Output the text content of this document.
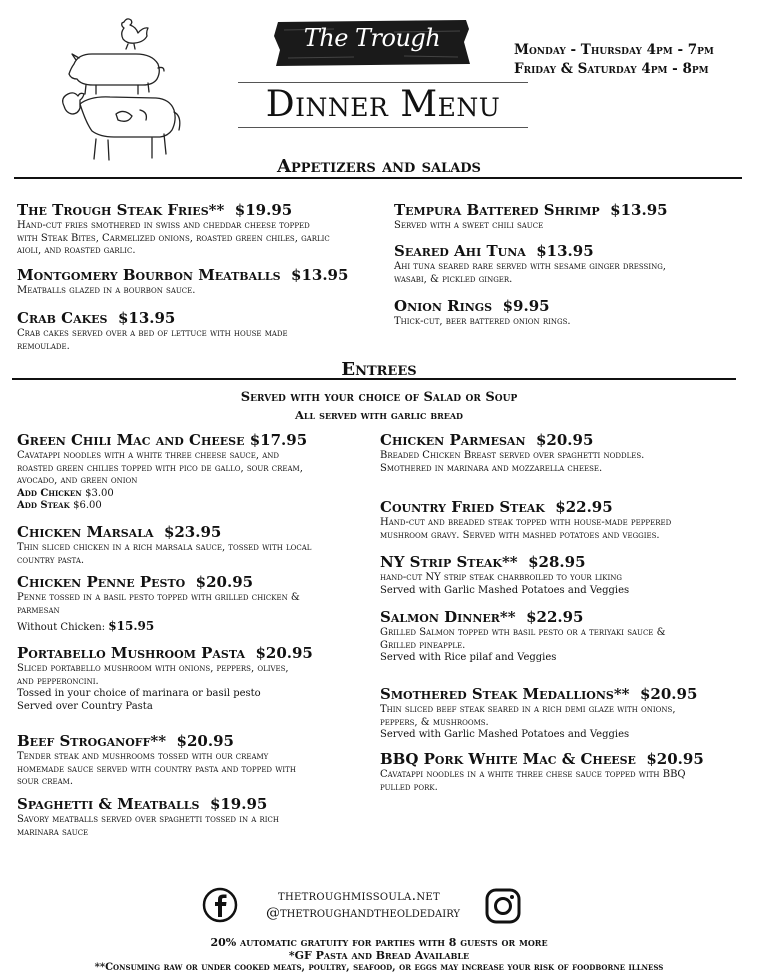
The Trough
Dinner Menu
Monday - Thursday 4pm - 7pm
Friday & Saturday 4pm - 8pm
Appetizers and salads
The Trough Steak Fries** $19.95
Hand-cut fries smothered in swiss and cheddar cheese topped
with Steak Bites, Carmelized onions, roasted green chiles, garlic
aioli, and roasted garlic.
Montgomery Bourbon Meatballs $13.95
Meatballs glazed in a bourbon sauce.
Crab Cakes $13.95
Crab cakes served over a bed of lettuce with house made
remoulade.
Tempura Battered Shrimp $13.95
Served with a sweet chili sauce
Seared Ahi Tuna $13.95
Ahi tuna seared rare served with sesame ginger dressing,
wasabi, & pickled ginger.
Onion Rings $9.95
Thick-cut, beer battered onion rings.
Entrees
Served with your choice of Salad or Soup
All served with garlic bread
Green Chili Mac and Cheese $17.95
Cavatappi noodles with a white three cheese sauce, and
roasted green chilies topped with pico de gallo, sour cream,
avocado, and green onion
Add Chicken $3.00
Add Steak $6.00
Chicken Marsala $23.95
Thin sliced chicken in a rich marsala sauce, tossed with local
country pasta.
Chicken Penne Pesto $20.95
Penne tossed in a basil pesto topped with grilled chicken &
parmesan
Without Chicken: $15.95
Portabello Mushroom Pasta $20.95
Sliced portabello mushroom with onions, peppers, olives,
and pepperoncini.
Tossed in your choice of marinara or basil pesto
Served over Country Pasta
Beef Stroganoff** $20.95
Tender steak and mushrooms tossed with our creamy
homemade sauce served with country pasta and topped with
sour cream.
Spaghetti & Meatballs $19.95
Savory meatballs served over spaghetti tossed in a rich
marinara sauce
Chicken Parmesan $20.95
Breaded Chicken Breast served over spaghetti noddles.
Smothered in marinara and mozzarella cheese.
Country Fried Steak $22.95
Hand-cut and breaded steak topped with house-made peppered
mushroom gravy. Served with mashed potatoes and veggies.
NY Strip Steak** $28.95
hand-cut NY strip steak charbroiled to your liking
Served with Garlic Mashed Potatoes and Veggies
Salmon Dinner** $22.95
Grilled Salmon topped wth basil pesto or a teriyaki sauce &
Grilled pineapple.
Served with Rice pilaf and Veggies
Smothered Steak Medallions** $20.95
Thin sliced beef steak seared in a rich demi glaze with onions,
peppers, & mushrooms.
Served with Garlic Mashed Potatoes and Veggies
BBQ Pork White Mac & Cheese $20.95
Cavatappi noodles in a white three chese sauce topped with BBQ
pulled pork.
thetroughmissoula.net
@thetroughandtheoldedairy
20% automatic gratuity for parties with 8 guests or more
*GF Pasta and Bread Available
**Consuming raw or under cooked meats, poultry, seafood, or eggs may increase your risk of foodborne illness
